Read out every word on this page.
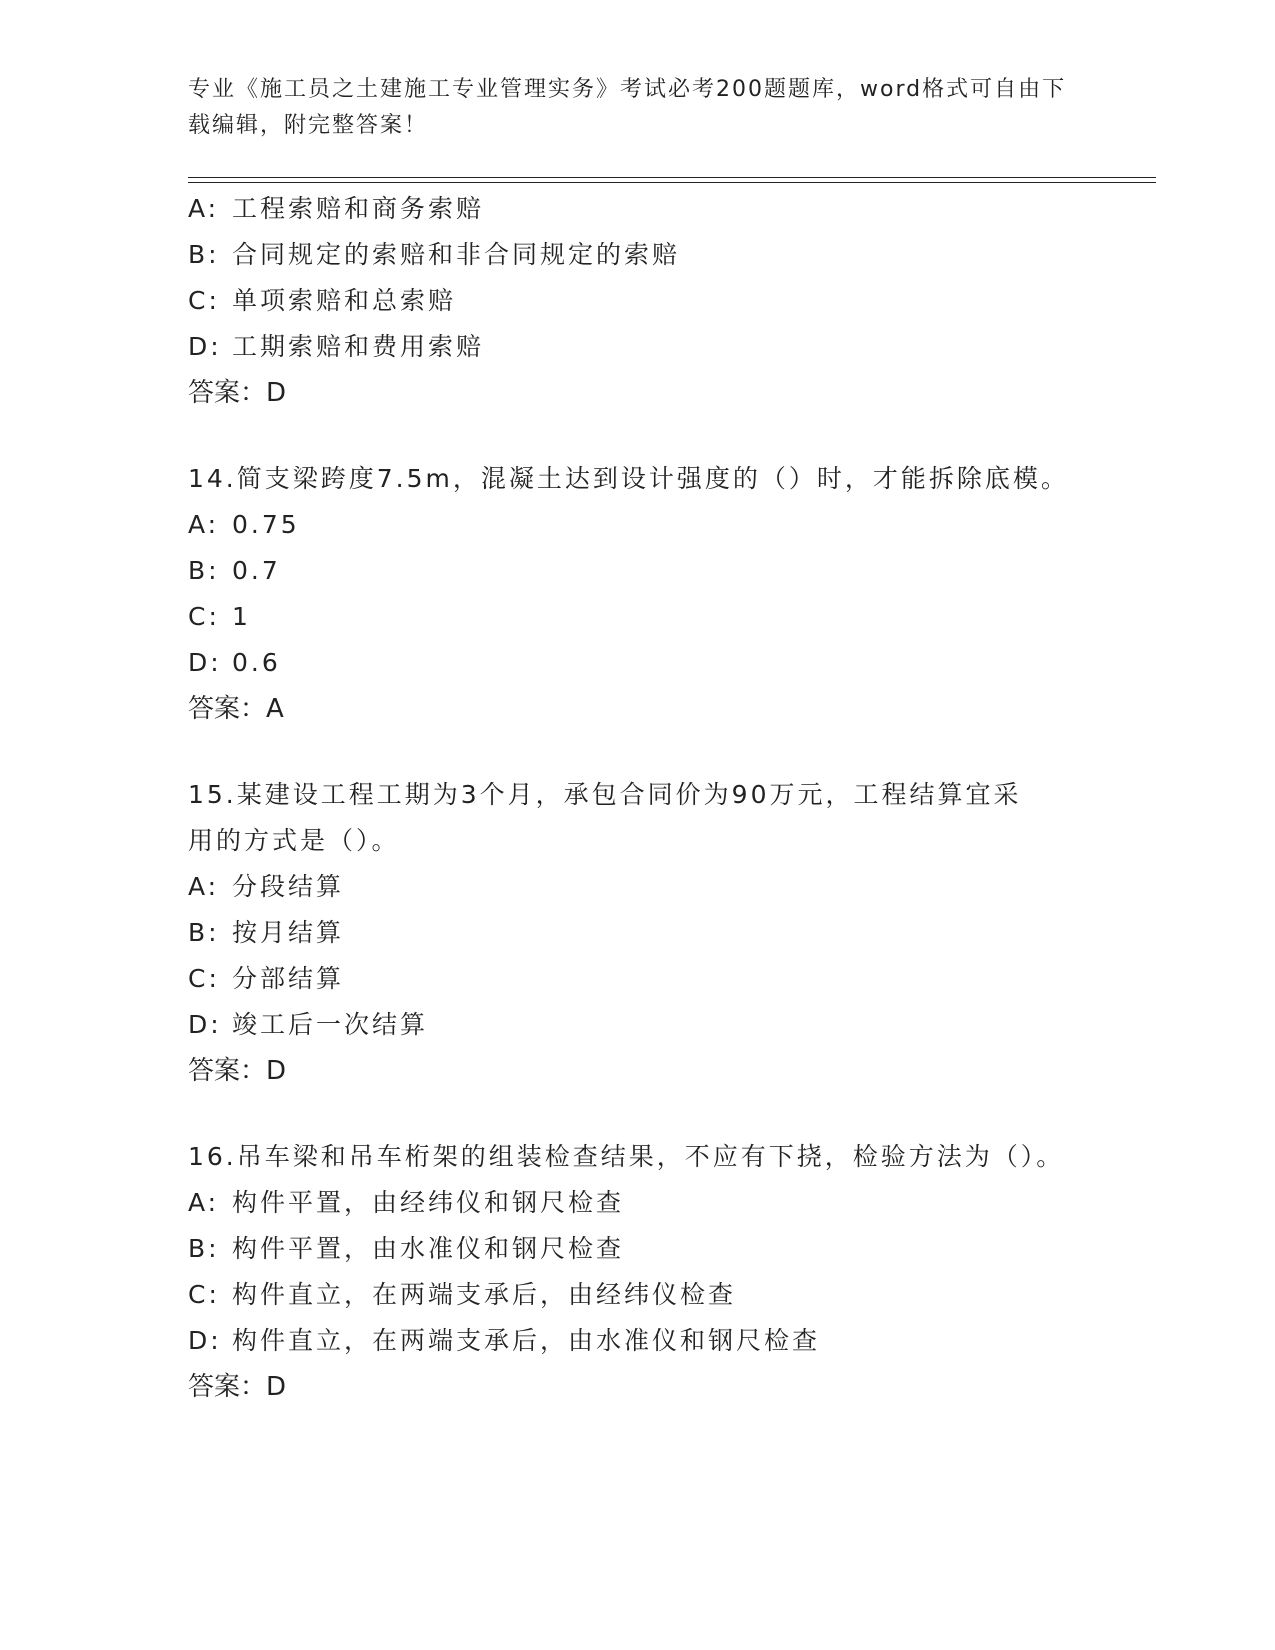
专业《施工员之土建施工专业管理实务》考试必考200题题库，word格式可自由下载编辑，附完整答案！
A: 工程索赔和商务索赔
B: 合同规定的索赔和非合同规定的索赔
C: 单项索赔和总索赔
D: 工期索赔和费用索赔
答案：D
14.简支梁跨度7.5m，混凝土达到设计强度的（）时，才能拆除底模。
A: 0.75
B: 0.7
C: 1
D: 0.6
答案：A
15.某建设工程工期为3个月，承包合同价为90万元，工程结算宜采用的方式是（）。
A: 分段结算
B: 按月结算
C: 分部结算
D: 竣工后一次结算
答案：D
16.吊车梁和吊车桁架的组装检查结果，不应有下挠，检验方法为（）。
A: 构件平置，由经纬仪和钢尺检查
B: 构件平置，由水准仪和钢尺检查
C: 构件直立，在两端支承后，由经纬仪检查
D: 构件直立，在两端支承后，由水准仪和钢尺检查
答案：D
